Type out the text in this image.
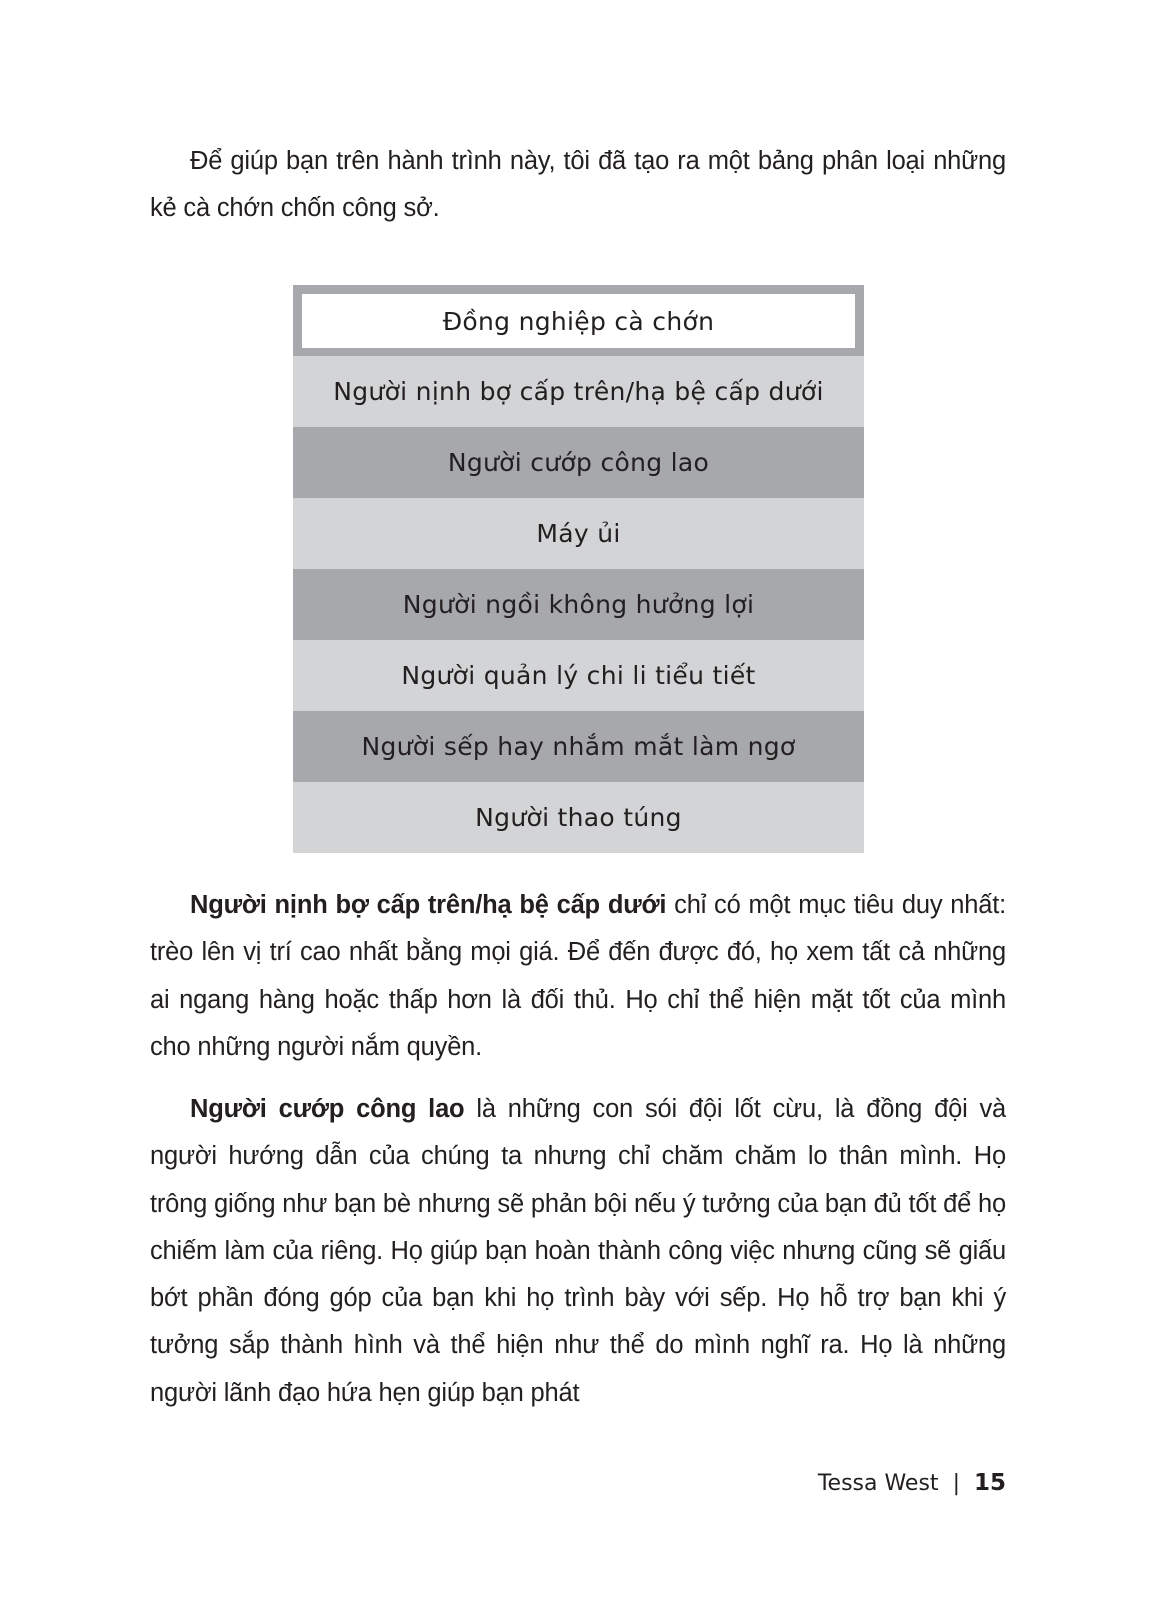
Để giúp bạn trên hành trình này, tôi đã tạo ra một bảng phân loại những kẻ cà chớn chốn công sở.

Đồng nghiệp cà chớn
Người nịnh bợ cấp trên/hạ bệ cấp dưới
Người cướp công lao
Máy ủi
Người ngồi không hưởng lợi
Người quản lý chi li tiểu tiết
Người sếp hay nhắm mắt làm ngơ
Người thao túng

Người nịnh bợ cấp trên/hạ bệ cấp dưới chỉ có một mục tiêu duy nhất: trèo lên vị trí cao nhất bằng mọi giá. Để đến được đó, họ xem tất cả những ai ngang hàng hoặc thấp hơn là đối thủ. Họ chỉ thể hiện mặt tốt của mình cho những người nắm quyền.

Người cướp công lao là những con sói đội lốt cừu, là đồng đội và người hướng dẫn của chúng ta nhưng chỉ chăm chăm lo thân mình. Họ trông giống như bạn bè nhưng sẽ phản bội nếu ý tưởng của bạn đủ tốt để họ chiếm làm của riêng. Họ giúp bạn hoàn thành công việc nhưng cũng sẽ giấu bớt phần đóng góp của bạn khi họ trình bày với sếp. Họ hỗ trợ bạn khi ý tưởng sắp thành hình và thể hiện như thể do mình nghĩ ra. Họ là những người lãnh đạo hứa hẹn giúp bạn phát

Tessa West | 15
